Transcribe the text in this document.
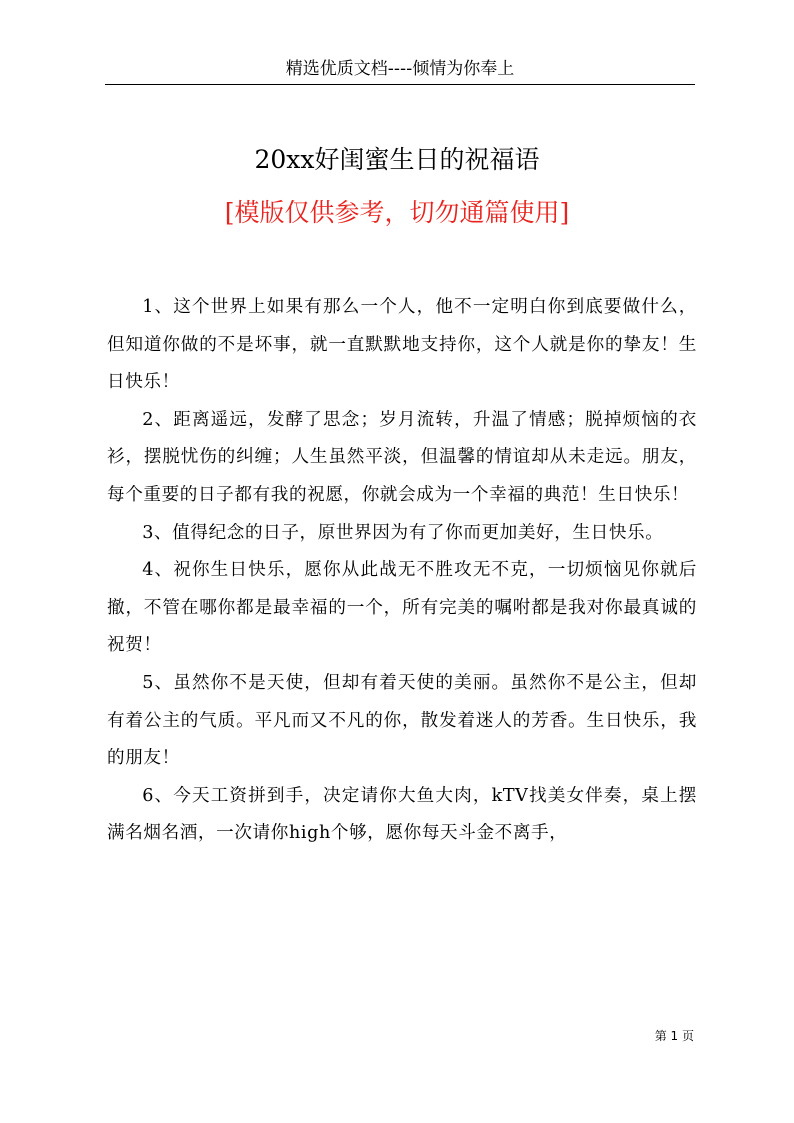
精选优质文档----倾情为你奉上
20xx好闺蜜生日的祝福语
[模版仅供参考，切勿通篇使用]

1、这个世界上如果有那么一个人，他不一定明白你到底要做什么，但知道你做的不是坏事，就一直默默地支持你，这个人就是你的挚友！生日快乐！

2、距离遥远，发酵了思念；岁月流转，升温了情感；脱掉烦恼的衣衫，摆脱忧伤的纠缠；人生虽然平淡，但温馨的情谊却从未走远。朋友，每个重要的日子都有我的祝愿，你就会成为一个幸福的典范！生日快乐！

3、值得纪念的日子，原世界因为有了你而更加美好，生日快乐。

4、祝你生日快乐，愿你从此战无不胜攻无不克，一切烦恼见你就后撤，不管在哪你都是最幸福的一个，所有完美的嘱咐都是我对你最真诚的祝贺！

5、虽然你不是天使，但却有着天使的美丽。虽然你不是公主，但却有着公主的气质。平凡而又不凡的你，散发着迷人的芳香。生日快乐，我的朋友！

6、今天工资拼到手，决定请你大鱼大肉，kTV找美女伴奏，桌上摆满名烟名酒，一次请你high个够，愿你每天斗金不离手，

第 1 页
